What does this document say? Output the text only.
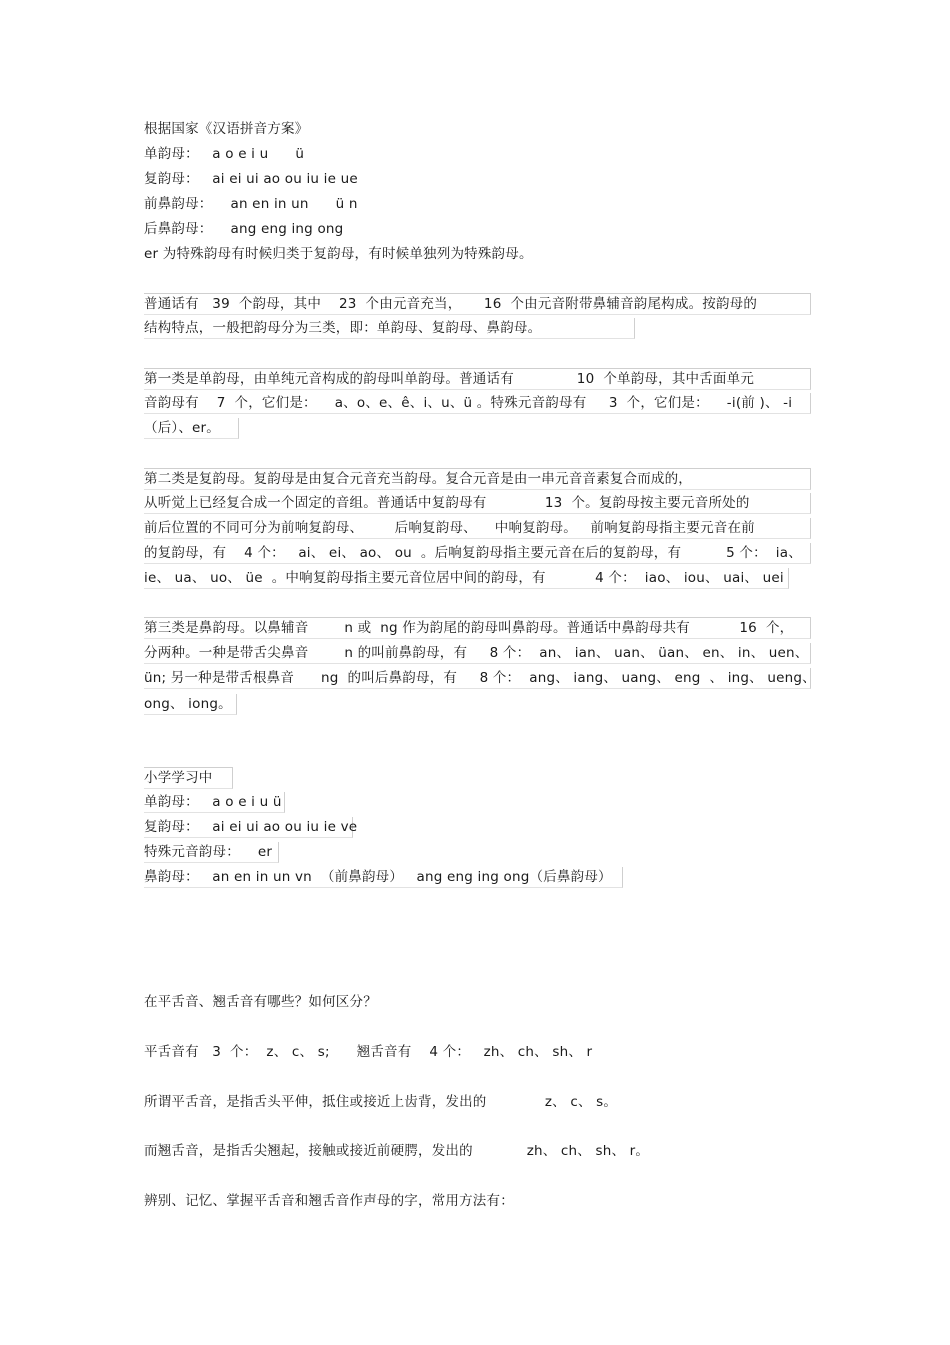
根据国家《汉语拼音方案》
单韵母：   a o e i u      ü
复韵母：   ai ei ui ao ou iu ie ue
前鼻韵母：    an en in un      ü n
后鼻韵母：    ang eng ing ong
er 为特殊韵母有时候归类于复韵母，有时候单独列为特殊韵母。
普通话有   39  个韵母，其中    23  个由元音充当，     16  个由元音附带鼻辅音韵尾构成。按韵母的
结构特点，一般把韵母分为三类，即：单韵母、复韵母、鼻韵母。
第一类是单韵母，由单纯元音构成的韵母叫单韵母。普通话有              10  个单韵母，其中舌面单元
音韵母有    7  个，它们是：    a、o、e、ê、i、u、ü 。特殊元音韵母有     3  个，它们是：    -i(前 )、 -i
（后）、er。
第二类是复韵母。复韵母是由复合元音充当韵母。复合元音是由一串元音音素复合而成的，
从听觉上已经复合成一个固定的音组。普通话中复韵母有             13  个。复韵母按主要元音所处的
前后位置的不同可分为前响复韵母、       后响复韵母、    中响复韵母。   前响复韵母指主要元音在前
的复韵母，有    4 个：   ai、 ei、 ao、 ou  。后响复韵母指主要元音在后的复韵母，有          5 个：  ia、
ie、 ua、 uo、 üe  。中响复韵母指主要元音位居中间的韵母，有           4 个：  iao、 iou、 uai、 uei
第三类是鼻韵母。以鼻辅音        n 或  ng 作为韵尾的韵母叫鼻韵母。普通话中鼻韵母共有           16  个，
分两种。一种是带舌尖鼻音        n 的叫前鼻韵母，有     8 个：  an、 ian、 uan、 üan、 en、 in、 uen、
ün; 另一种是带舌根鼻音      ng  的叫后鼻韵母，有     8 个：  ang、 iang、 uang、 eng  、 ing、 ueng、
ong、 iong。
小学学习中
单韵母：   a o e i u ü
复韵母：   ai ei ui ao ou iu ie ve
特殊元音韵母：    er
鼻韵母：   an en in un vn  （前鼻韵母）   ang eng ing ong（后鼻韵母）
在平舌音、翘舌音有哪些？如何区分？
平舌音有   3  个：  z、 c、 s;      翘舌音有    4 个：   zh、 ch、 sh、 r
所谓平舌音，是指舌头平伸，抵住或接近上齿背，发出的             z、 c、 s。
而翘舌音，是指舌尖翘起，接触或接近前硬腭，发出的            zh、 ch、 sh、 r。
辨别、记忆、掌握平舌音和翘舌音作声母的字，常用方法有：
